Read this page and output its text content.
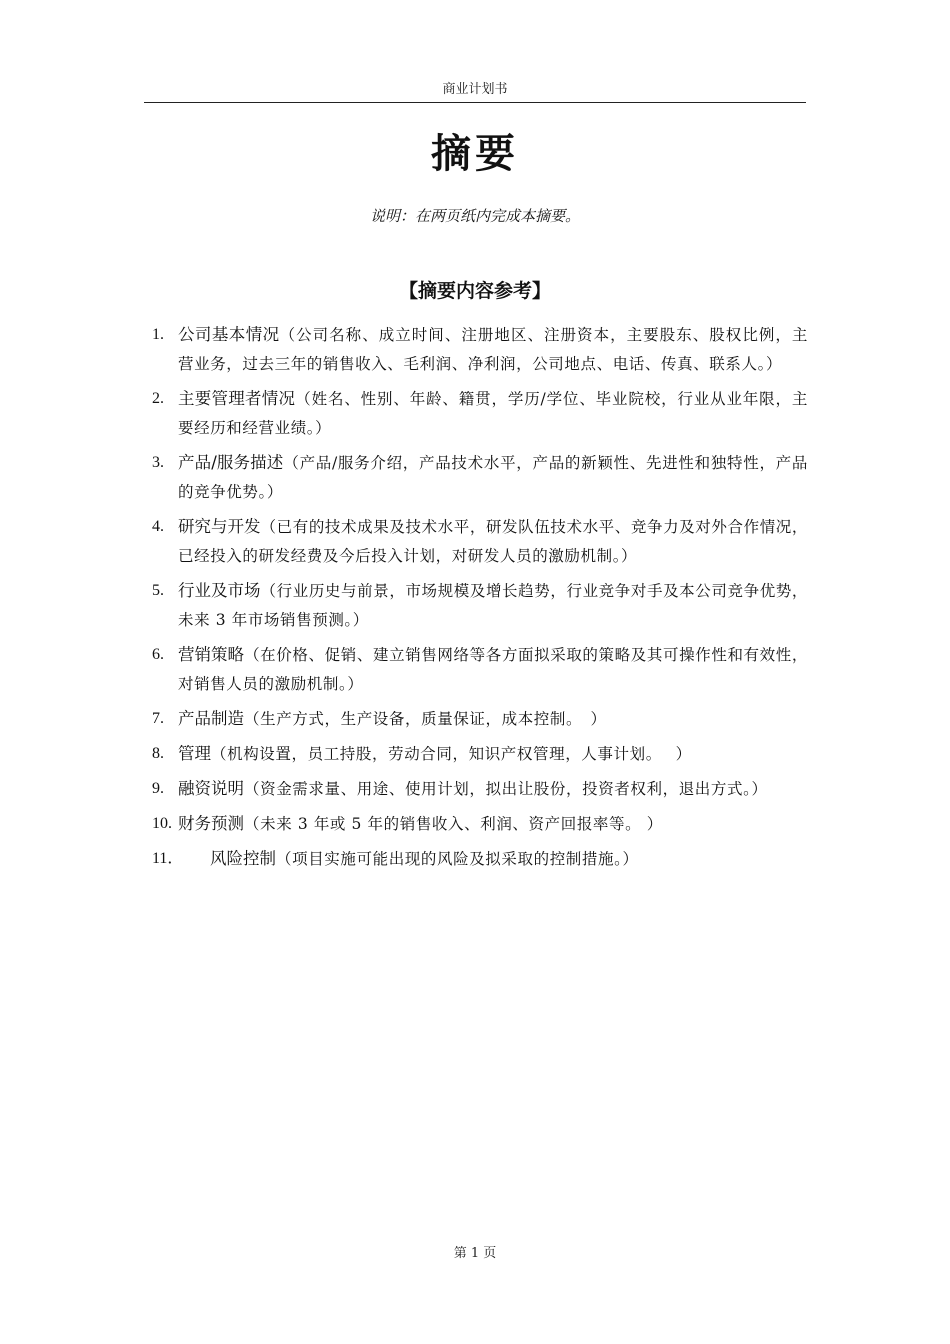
商业计划书
摘要
说明：在两页纸内完成本摘要。
【摘要内容参考】
1. 公司基本情况（公司名称、成立时间、注册地区、注册资本，主要股东、股权比例，主营业务，过去三年的销售收入、毛利润、净利润，公司地点、电话、传真、联系人。）
2. 主要管理者情况（姓名、性别、年龄、籍贯，学历/学位、毕业院校，行业从业年限，主要经历和经营业绩。）
3. 产品/服务描述（产品/服务介绍，产品技术水平，产品的新颖性、先进性和独特性，产品的竞争优势。）
4. 研究与开发（已有的技术成果及技术水平，研发队伍技术水平、竞争力及对外合作情况，已经投入的研发经费及今后投入计划，对研发人员的激励机制。）
5. 行业及市场（行业历史与前景，市场规模及增长趋势，行业竞争对手及本公司竞争优势，未来 3 年市场销售预测。）
6. 营销策略（在价格、促销、建立销售网络等各方面拟采取的策略及其可操作性和有效性，对销售人员的激励机制。）
7. 产品制造（生产方式，生产设备，质量保证，成本控制。　）
8. 管理（机构设置，员工持股，劳动合同，知识产权管理，人事计划。　 ）
9. 融资说明（资金需求量、用途、使用计划，拟出让股份，投资者权利，退出方式。）
10. 财务预测（未来 3 年或 5 年的销售收入、利润、资产回报率等。 ）
11． 风险控制（项目实施可能出现的风险及拟采取的控制措施。）
第 1 页
